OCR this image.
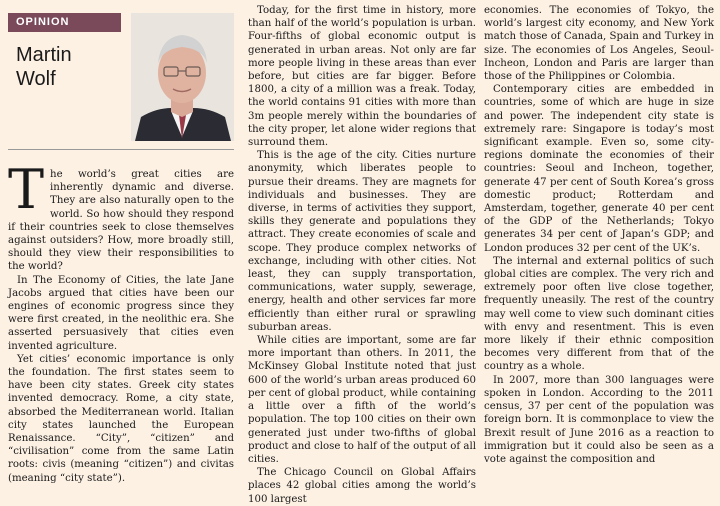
OPINION
Martin
Wolf
T he world’s great cities are inherently dynamic and diverse. They are also naturally open to the world. So how should they respond if their countries seek to close themselves against outsiders? How, more broadly still, should they view their responsibilities to the world?

In The Economy of Cities, the late Jane Jacobs argued that cities have been our engines of economic progress since they were first created, in the neolithic era. She asserted persuasively that cities even invented agriculture.

Yet cities’ economic importance is only the foundation. The first states seem to have been city states. Greek city states invented democracy. Rome, a city state, absorbed the Mediterranean world. Italian city states launched the European Renaissance. “City”, “citizen” and “civilisation” come from the same Latin roots: civis (meaning “citizen”) and civitas (meaning “city state”).

Today, for the first time in history, more than half of the world’s population is urban. Four-fifths of global economic output is generated in urban areas. Not only are far more people living in these areas than ever before, but cities are far bigger. Before 1800, a city of a million was a freak. Today, the world contains 91 cities with more than 3m people merely within the boundaries of the city proper, let alone wider regions that surround them.

This is the age of the city. Cities nurture anonymity, which liberates people to pursue their dreams. They are magnets for individuals and businesses. They are diverse, in terms of activities they support, skills they generate and populations they attract. They create economies of scale and scope. They produce complex networks of exchange, including with other cities. Not least, they can supply transportation, communications, water supply, sewerage, energy, health and other services far more efficiently than either rural or sprawling suburban areas.

While cities are important, some are far more important than others. In 2011, the McKinsey Global Institute noted that just 600 of the world’s urban areas produced 60 per cent of global product, while containing a little over a fifth of the world’s population. The top 100 cities on their own generated just under two-fifths of global product and close to half of the output of all cities.

The Chicago Council on Global Affairs places 42 global cities among the world’s 100 largest

economies. The economies of Tokyo, the world’s largest city economy, and New York match those of Canada, Spain and Turkey in size. The economies of Los Angeles, Seoul-Incheon, London and Paris are larger than those of the Philippines or Colombia.

Contemporary cities are embedded in countries, some of which are huge in size and power. The independent city state is extremely rare: Singapore is today’s most significant example. Even so, some city-regions dominate the economies of their countries: Seoul and Incheon, together, generate 47 per cent of South Korea’s gross domestic product; Rotterdam and Amsterdam, together, generate 40 per cent of the GDP of the Netherlands; Tokyo generates 34 per cent of Japan’s GDP; and London produces 32 per cent of the UK’s.

The internal and external politics of such global cities are complex. The very rich and extremely poor often live close together, frequently uneasily. The rest of the country may well come to view such dominant cities with envy and resentment. This is even more likely if their ethnic composition becomes very different from that of the country as a whole.

In 2007, more than 300 languages were spoken in London. According to the 2011 census, 37 per cent of the population was foreign born. It is commonplace to view the Brexit result of June 2016 as a reaction to immigration but it could also be seen as a vote against the composition and
